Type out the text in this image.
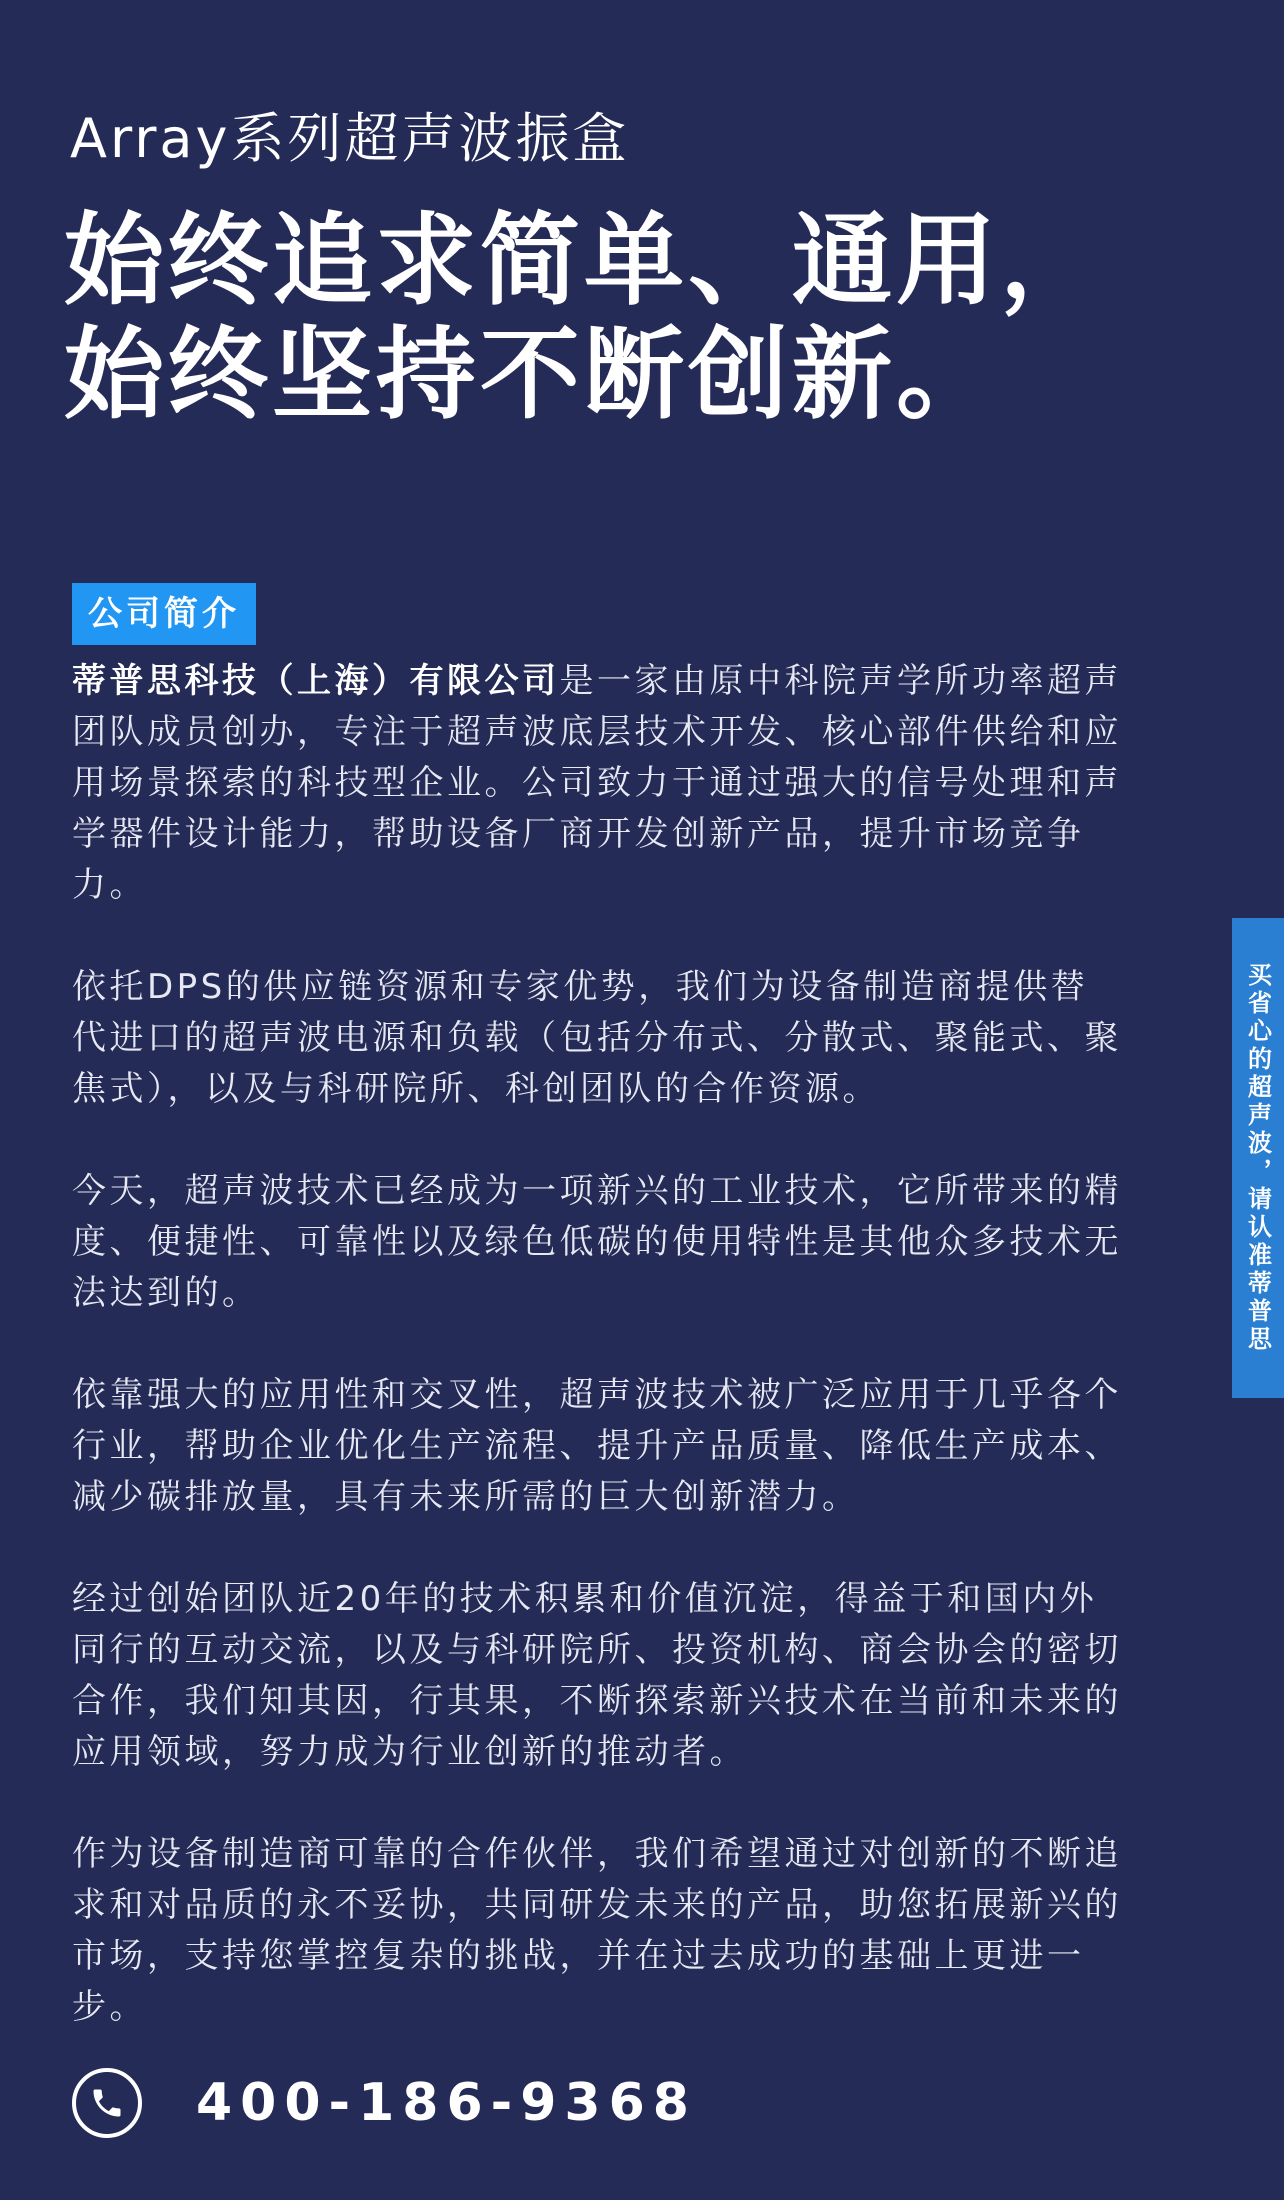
Array系列超声波振盒
始终追求简单、通用，
始终坚持不断创新。
公司简介

蒂普思科技（上海）有限公司是一家由原中科院声学所功率超声团队成员创办，专注于超声波底层技术开发、核心部件供给和应用场景探索的科技型企业。公司致力于通过强大的信号处理和声学器件设计能力，帮助设备厂商开发创新产品，提升市场竞争力。

依托DPS的供应链资源和专家优势，我们为设备制造商提供替代进口的超声波电源和负载（包括分布式、分散式、聚能式、聚焦式），以及与科研院所、科创团队的合作资源。

今天，超声波技术已经成为一项新兴的工业技术，它所带来的精度、便捷性、可靠性以及绿色低碳的使用特性是其他众多技术无法达到的。

依靠强大的应用性和交叉性，超声波技术被广泛应用于几乎各个行业，帮助企业优化生产流程、提升产品质量、降低生产成本、减少碳排放量，具有未来所需的巨大创新潜力。

经过创始团队近20年的技术积累和价值沉淀，得益于和国内外同行的互动交流，以及与科研院所、投资机构、商会协会的密切合作，我们知其因，行其果，不断探索新兴技术在当前和未来的应用领域，努力成为行业创新的推动者。

作为设备制造商可靠的合作伙伴，我们希望通过对创新的不断追求和对品质的永不妥协，共同研发未来的产品，助您拓展新兴的市场，支持您掌控复杂的挑战，并在过去成功的基础上更进一步。

买省心的超声波，请认准蒂普思
400-186-9368
